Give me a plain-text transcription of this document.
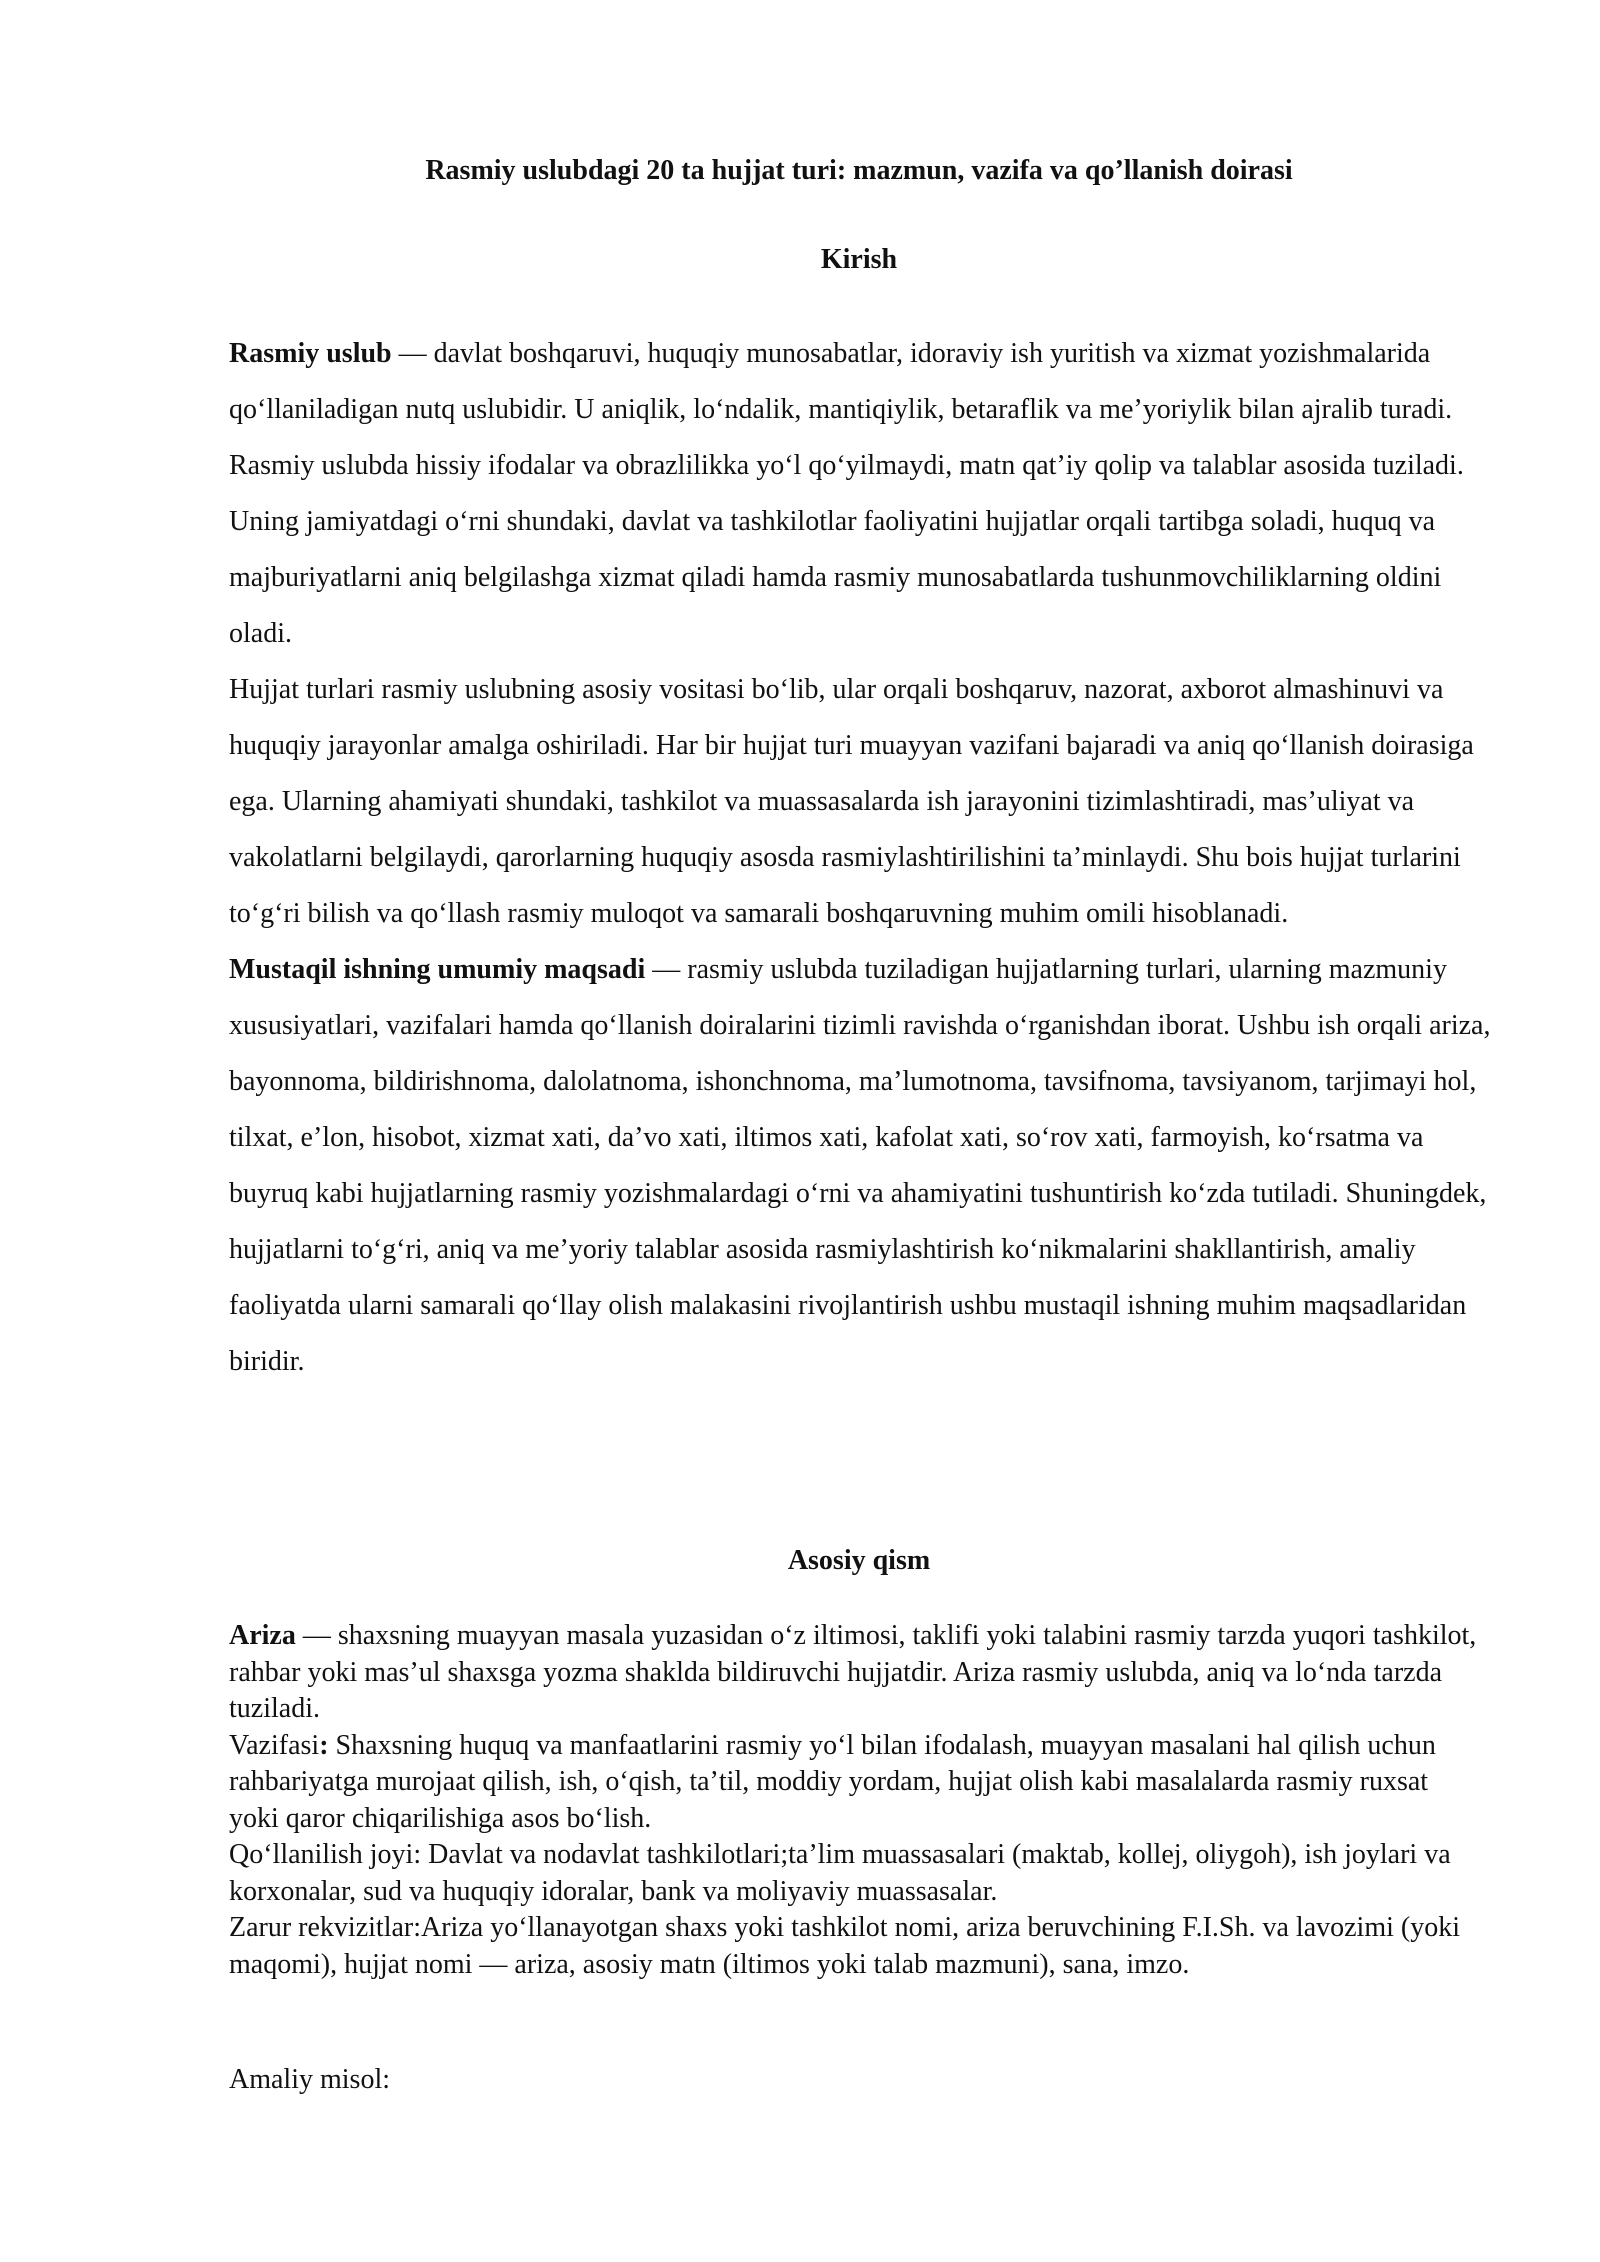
Rasmiy uslubdagi 20 ta hujjat turi: mazmun, vazifa va qo’llanish doirasi
Kirish

Rasmiy uslub — davlat boshqaruvi, huquqiy munosabatlar, idoraviy ish yuritish va xizmat yozishmalarida qoʻllaniladigan nutq uslubidir. U aniqlik, loʻndalik, mantiqiylik, betaraflik va meʼyoriylik bilan ajralib turadi. Rasmiy uslubda hissiy ifodalar va obrazlilikka yoʻl qoʻyilmaydi, matn qatʼiy qolip va talablar asosida tuziladi. Uning jamiyatdagi oʻrni shundaki, davlat va tashkilotlar faoliyatini hujjatlar orqali tartibga soladi, huquq va majburiyatlarni aniq belgilashga xizmat qiladi hamda rasmiy munosabatlarda tushunmovchiliklarning oldini oladi.

Hujjat turlari rasmiy uslubning asosiy vositasi boʻlib, ular orqali boshqaruv, nazorat, axborot almashinuvi va huquqiy jarayonlar amalga oshiriladi. Har bir hujjat turi muayyan vazifani bajaradi va aniq qoʻllanish doirasiga ega. Ularning ahamiyati shundaki, tashkilot va muassasalarda ish jarayonini tizimlashtiradi, masʼuliyat va vakolatlarni belgilaydi, qarorlarning huquqiy asosda rasmiylashtirilishini taʼminlaydi. Shu bois hujjat turlarini toʻgʻri bilish va qoʻllash rasmiy muloqot va samarali boshqaruvning muhim omili hisoblanadi.

Mustaqil ishning umumiy maqsadi — rasmiy uslubda tuziladigan hujjatlarning turlari, ularning mazmuniy xususiyatlari, vazifalari hamda qoʻllanish doiralarini tizimli ravishda oʻrganishdan iborat. Ushbu ish orqali ariza, bayonnoma, bildirishnoma, dalolatnoma, ishonchnoma, maʼlumotnoma, tavsifnoma, tavsiyanom, tarjimayi hol, tilxat, eʼlon, hisobot, xizmat xati, daʼvo xati, iltimos xati, kafolat xati, soʻrov xati, farmoyish, koʻrsatma va buyruq kabi hujjatlarning rasmiy yozishmalardagi oʻrni va ahamiyatini tushuntirish koʻzda tutiladi. Shuningdek, hujjatlarni toʻgʻri, aniq va meʼyoriy talablar asosida rasmiylashtirish koʻnikmalarini shakllantirish, amaliy faoliyatda ularni samarali qoʻllay olish malakasini rivojlantirish ushbu mustaqil ishning muhim maqsadlaridan biridir.

Asosiy qism

Ariza — shaxsning muayyan masala yuzasidan oʻz iltimosi, taklifi yoki talabini rasmiy tarzda yuqori tashkilot, rahbar yoki masʼul shaxsga yozma shaklda bildiruvchi hujjatdir. Ariza rasmiy uslubda, aniq va loʻnda tarzda tuziladi.

Vazifasi: Shaxsning huquq va manfaatlarini rasmiy yoʻl bilan ifodalash, muayyan masalani hal qilish uchun rahbariyatga murojaat qilish, ish, oʻqish, taʼtil, moddiy yordam, hujjat olish kabi masalalarda rasmiy ruxsat yoki qaror chiqarilishiga asos boʻlish.

Qoʻllanilish joyi: Davlat va nodavlat tashkilotlari;taʼlim muassasalari (maktab, kollej, oliygoh), ish joylari va korxonalar, sud va huquqiy idoralar, bank va moliyaviy muassasalar.

Zarur rekvizitlar:Ariza yoʻllanayotgan shaxs yoki tashkilot nomi, ariza beruvchining F.I.Sh. va lavozimi (yoki maqomi), hujjat nomi — ariza, asosiy matn (iltimos yoki talab mazmuni), sana, imzo.

Amaliy misol:
